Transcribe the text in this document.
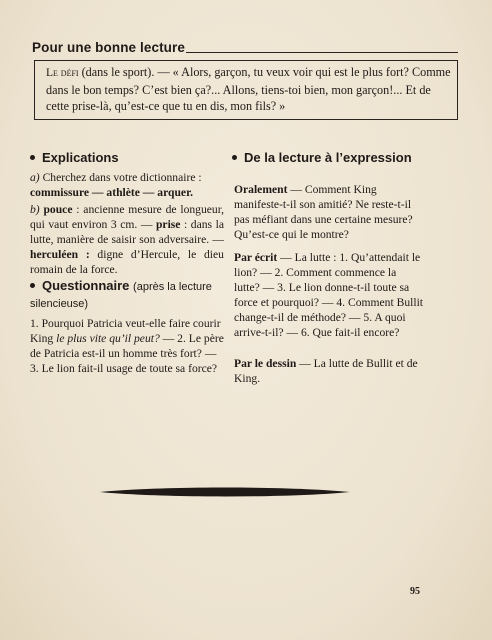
Pour une bonne lecture
Le défi (dans le sport). — « Alors, garçon, tu veux voir qui est le plus fort? Comme dans le bon temps? C’est bien ça?... Allons, tiens-toi bien, mon garçon!... Et de cette prise-là, qu’est-ce que tu en dis, mon fils? »
Explications
a) Cherchez dans votre dictionnaire :
commissure — athlète — arquer.
b) pouce : ancienne mesure de longueur, qui vaut environ 3 cm. — prise : dans la lutte, manière de saisir son adversaire. — herculéen : digne d’Hercule, le dieu romain de la force.
Questionnaire (après la lecture silencieuse)
1. Pourquoi Patricia veut-elle faire courir King le plus vite qu’il peut? — 2. Le père de Patricia est-il un homme très fort? — 3. Le lion fait-il usage de toute sa force?
De la lecture à l’expression
Oralement — Comment King manifeste-t-il son amitié? Ne reste-t-il pas méfiant dans une certaine mesure? Qu’est-ce qui le montre?
Par écrit — La lutte : 1. Qu’attendait le lion? — 2. Comment commence la lutte? — 3. Le lion donne-t-il toute sa force et pourquoi? — 4. Comment Bullit change-t-il de méthode? — 5. A quoi arrive-t-il? — 6. Que fait-il encore?
Par le dessin — La lutte de Bullit et de King.
95
